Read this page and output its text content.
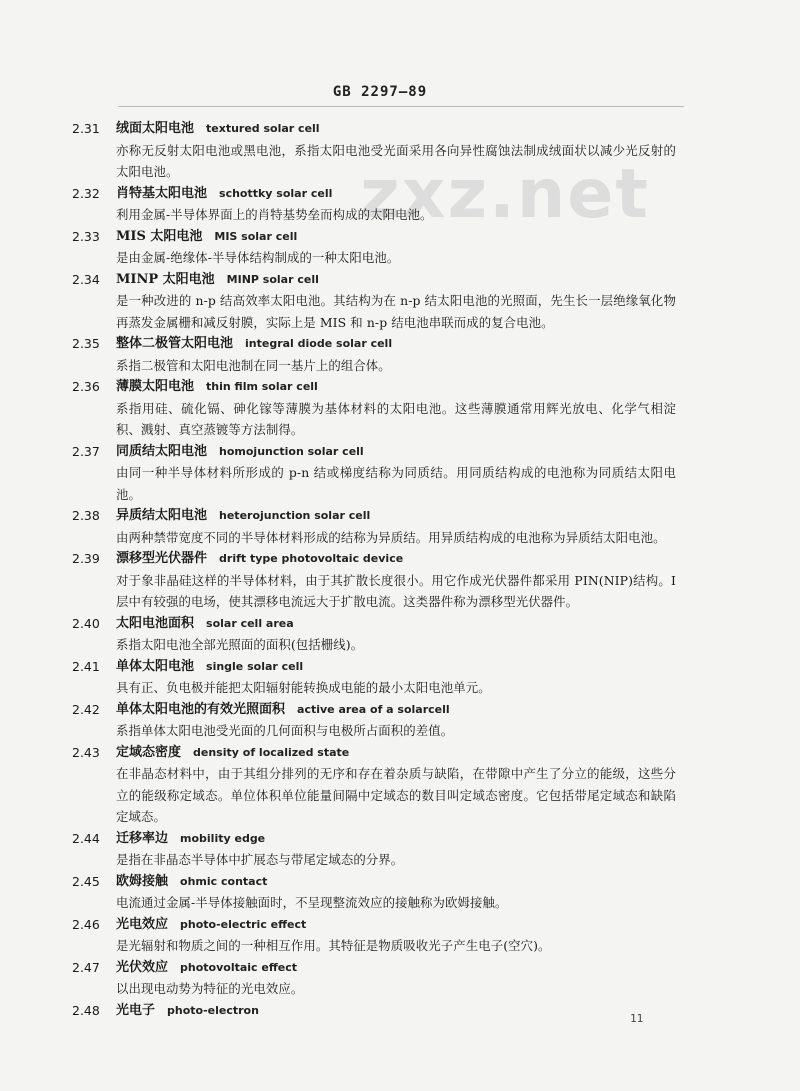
GB 2297—89
zxz.net
2.31 绒面太阳电池 textured solar cell

亦称无反射太阳电池或黑电池，系指太阳电池受光面采用各向异性腐蚀法制成绒面状以减少光反射的太阳电池。

2.32 肖特基太阳电池 schottky solar cell

利用金属-半导体界面上的肖特基势垒而构成的太阳电池。

2.33 MIS 太阳电池 MIS solar cell

是由金属-绝缘体-半导体结构制成的一种太阳电池。

2.34 MINP 太阳电池 MINP solar cell

是一种改进的 n-p 结高效率太阳电池。其结构为在 n-p 结太阳电池的光照面，先生长一层绝缘氧化物再蒸发金属栅和减反射膜，实际上是 MIS 和 n-p 结电池串联而成的复合电池。

2.35 整体二极管太阳电池 integral diode solar cell

系指二极管和太阳电池制在同一基片上的组合体。

2.36 薄膜太阳电池 thin film solar cell

系指用硅、硫化镉、砷化镓等薄膜为基体材料的太阳电池。这些薄膜通常用辉光放电、化学气相淀积、溅射、真空蒸镀等方法制得。

2.37 同质结太阳电池 homojunction solar cell

由同一种半导体材料所形成的 p-n 结或梯度结称为同质结。用同质结构成的电池称为同质结太阳电池。

2.38 异质结太阳电池 heterojunction solar cell

由两种禁带宽度不同的半导体材料形成的结称为异质结。用异质结构成的电池称为异质结太阳电池。

2.39 漂移型光伏器件 drift type photovoltaic device

对于象非晶硅这样的半导体材料，由于其扩散长度很小。用它作成光伏器件都采用 PIN(NIP)结构。I 层中有较强的电场，使其漂移电流远大于扩散电流。这类器件称为漂移型光伏器件。

2.40 太阳电池面积 solar cell area

系指太阳电池全部光照面的面积(包括栅线)。

2.41 单体太阳电池 single solar cell

具有正、负电极并能把太阳辐射能转换成电能的最小太阳电池单元。

2.42 单体太阳电池的有效光照面积 active area of a solarcell

系指单体太阳电池受光面的几何面积与电极所占面积的差值。

2.43 定域态密度 density of localized state

在非晶态材料中，由于其组分排列的无序和存在着杂质与缺陷，在带隙中产生了分立的能级，这些分立的能级称定域态。单位体积单位能量间隔中定域态的数目叫定域态密度。它包括带尾定域态和缺陷定域态。

2.44 迁移率边 mobility edge

是指在非晶态半导体中扩展态与带尾定域态的分界。

2.45 欧姆接触 ohmic contact

电流通过金属-半导体接触面时，不呈现整流效应的接触称为欧姆接触。

2.46 光电效应 photo-electric effect

是光辐射和物质之间的一种相互作用。其特征是物质吸收光子产生电子(空穴)。

2.47 光伏效应 photovoltaic effect

以出现电动势为特征的光电效应。

2.48 光电子 photo-electron
11
